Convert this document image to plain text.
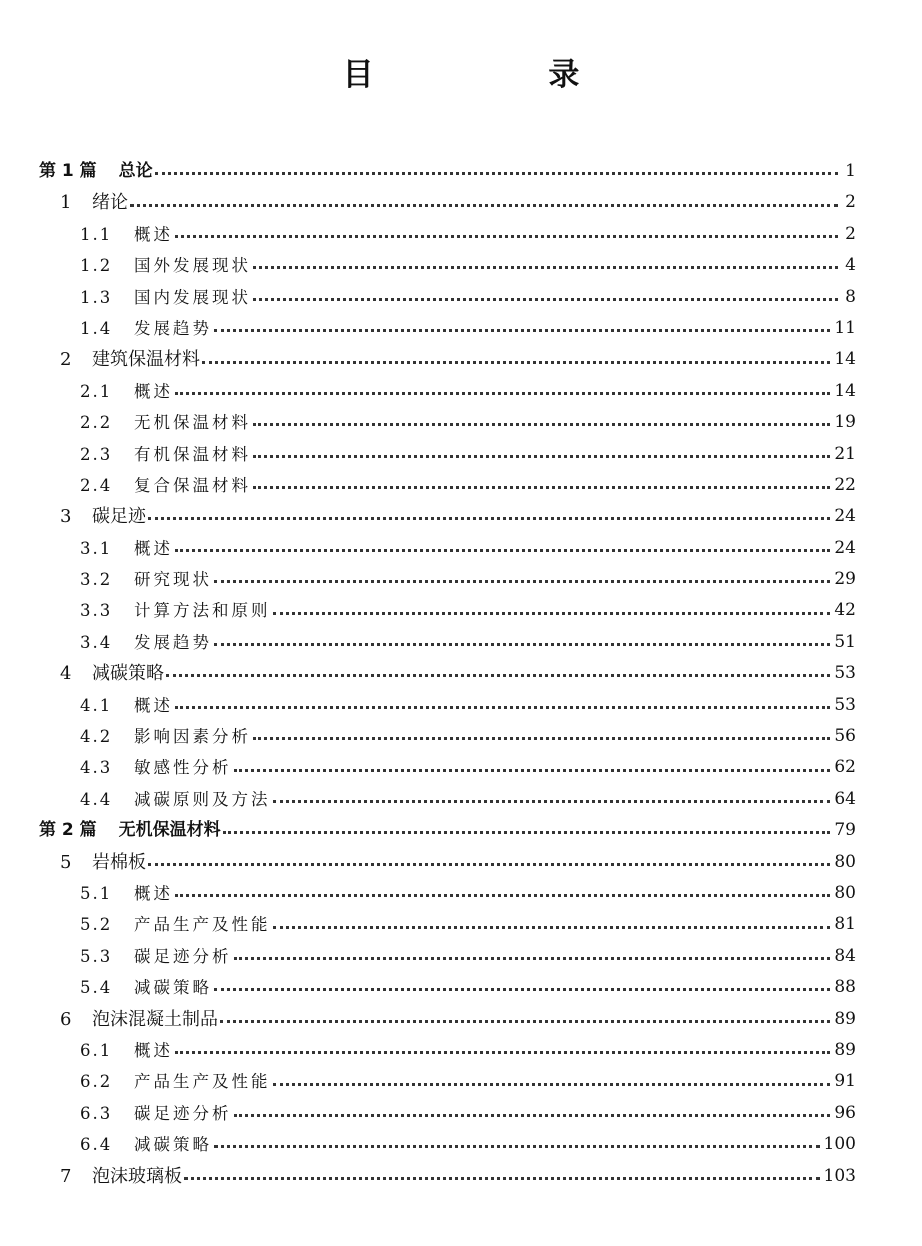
目 录
第 1 篇 总论	1
1 绪论	2
1.1 概述	2
1.2 国外发展现状	4
1.3 国内发展现状	8
1.4 发展趋势	11
2 建筑保温材料	14
2.1 概述	14
2.2 无机保温材料	19
2.3 有机保温材料	21
2.4 复合保温材料	22
3 碳足迹	24
3.1 概述	24
3.2 研究现状	29
3.3 计算方法和原则	42
3.4 发展趋势	51
4 减碳策略	53
4.1 概述	53
4.2 影响因素分析	56
4.3 敏感性分析	62
4.4 减碳原则及方法	64
第 2 篇 无机保温材料	79
5 岩棉板	80
5.1 概述	80
5.2 产品生产及性能	81
5.3 碳足迹分析	84
5.4 减碳策略	88
6 泡沫混凝土制品	89
6.1 概述	89
6.2 产品生产及性能	91
6.3 碳足迹分析	96
6.4 减碳策略	100
7 泡沫玻璃板	103
